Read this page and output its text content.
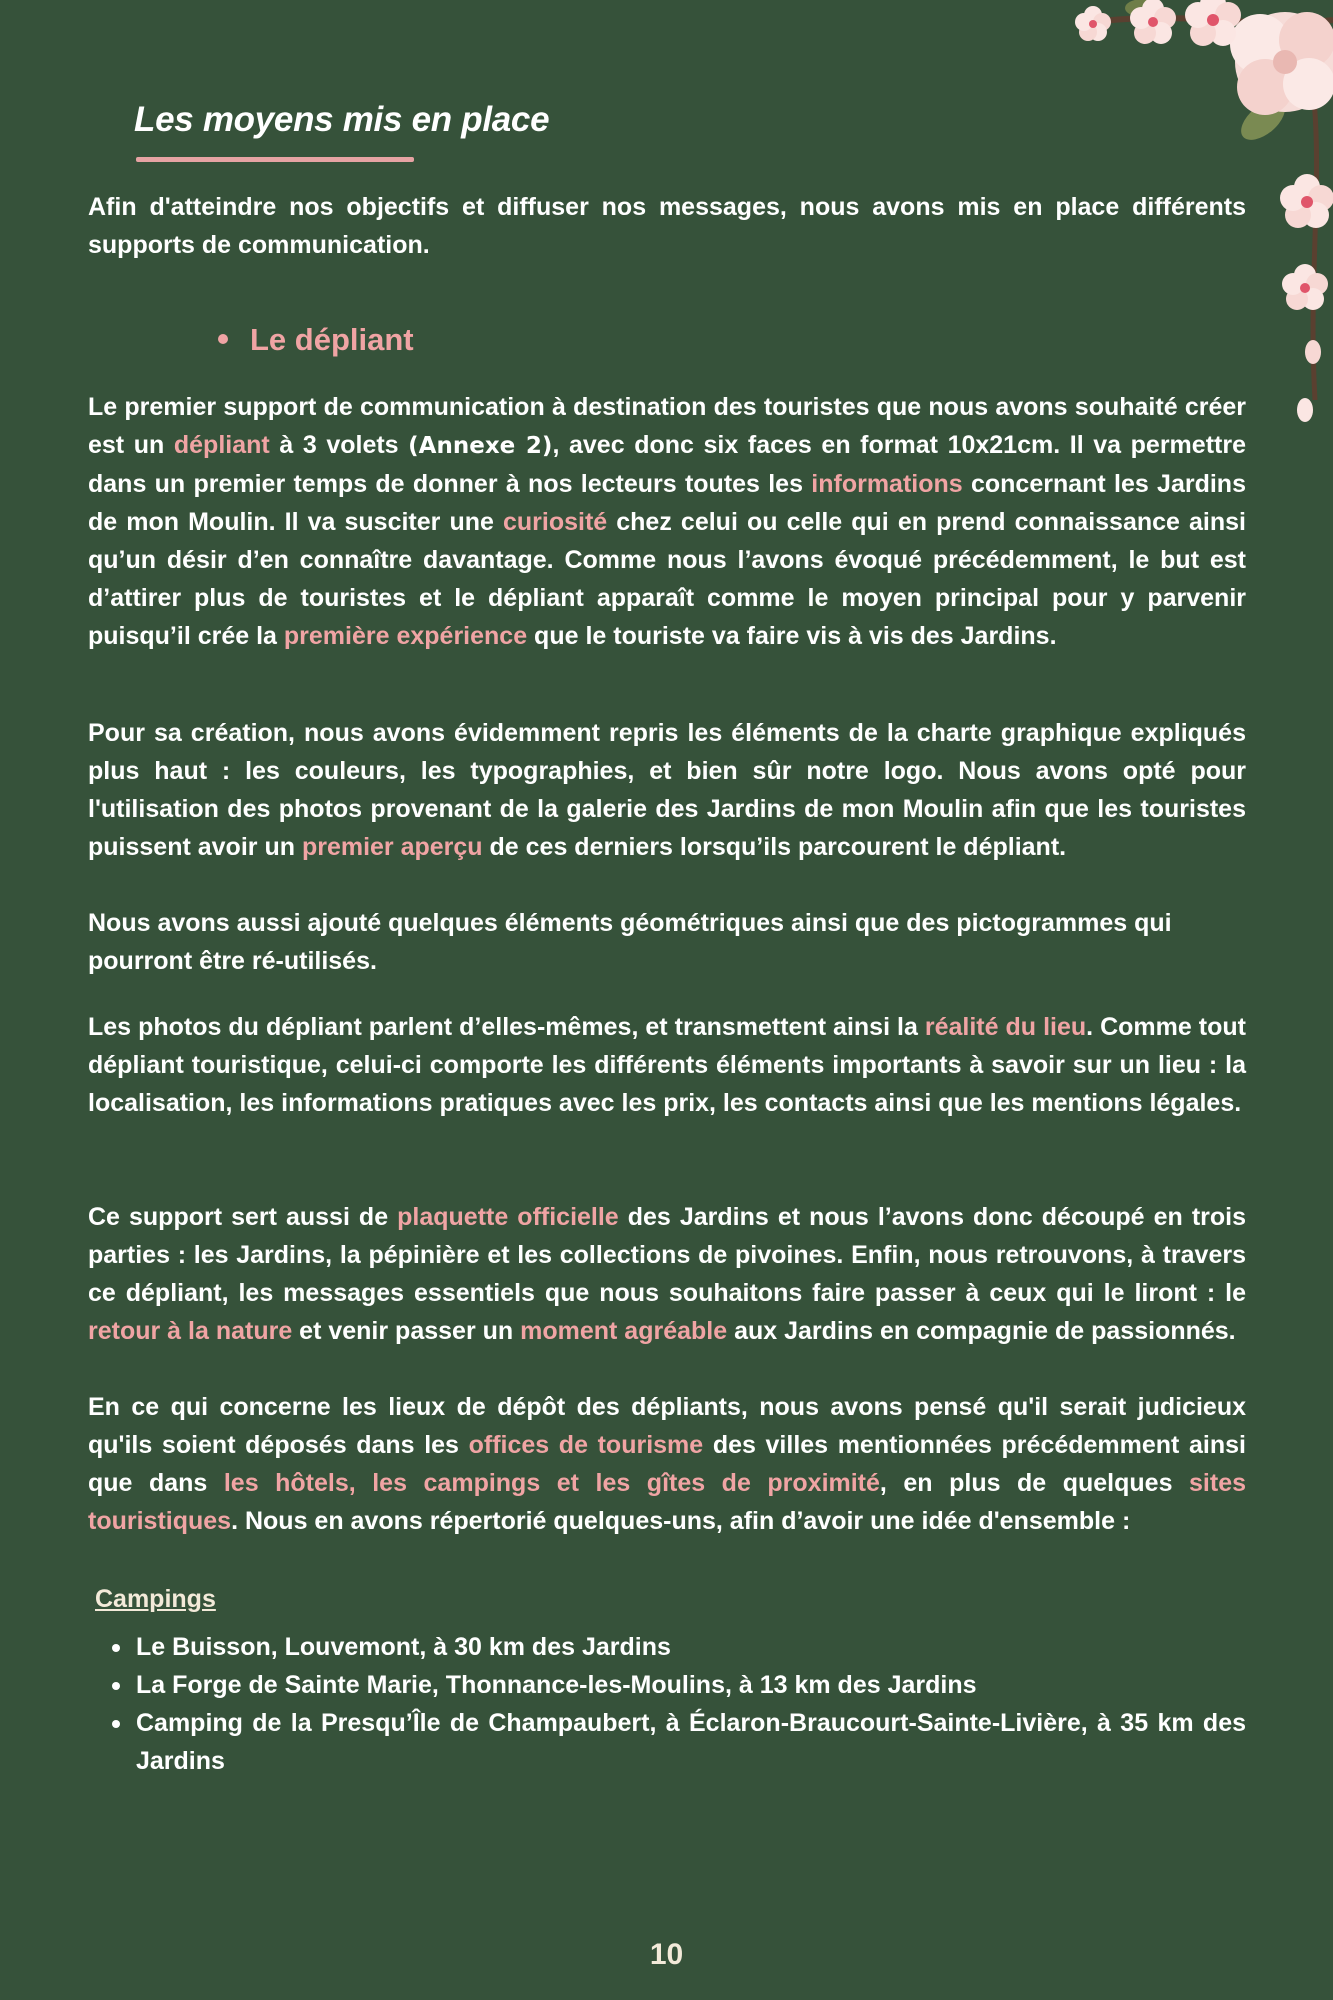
Les moyens mis en place

Afin d'atteindre nos objectifs et diffuser nos messages, nous avons mis en place différents supports de communication.

Le dépliant

Le premier support de communication à destination des touristes que nous avons souhaité créer est un dépliant à 3 volets (Annexe 2), avec donc six faces en format 10x21cm. Il va permettre dans un premier temps de donner à nos lecteurs toutes les informations concernant les Jardins de mon Moulin. Il va susciter une curiosité chez celui ou celle qui en prend connaissance ainsi qu’un désir d’en connaître davantage. Comme nous l’avons évoqué précédemment, le but est d’attirer plus de touristes et le dépliant apparaît comme le moyen principal pour y parvenir puisqu’il crée la première expérience que le touriste va faire vis à vis des Jardins.

Pour sa création, nous avons évidemment repris les éléments de la charte graphique expliqués plus haut : les couleurs, les typographies, et bien sûr notre logo. Nous avons opté pour l'utilisation des photos provenant de la galerie des Jardins de mon Moulin afin que les touristes puissent avoir un premier aperçu de ces derniers lorsqu’ils parcourent le dépliant.

Nous avons aussi ajouté quelques éléments géométriques ainsi que des pictogrammes qui pourront être ré-utilisés.

Les photos du dépliant parlent d’elles-mêmes, et transmettent ainsi la réalité du lieu. Comme tout dépliant touristique, celui-ci comporte les différents éléments importants à savoir sur un lieu : la localisation, les informations pratiques avec les prix, les contacts ainsi que les mentions légales.

Ce support sert aussi de plaquette officielle des Jardins et nous l’avons donc découpé en trois parties : les Jardins, la pépinière et les collections de pivoines. Enfin, nous retrouvons, à travers ce dépliant, les messages essentiels que nous souhaitons faire passer à ceux qui le liront : le retour à la nature et venir passer un moment agréable aux Jardins en compagnie de passionnés.

En ce qui concerne les lieux de dépôt des dépliants, nous avons pensé qu'il serait judicieux qu'ils soient déposés dans les offices de tourisme des villes mentionnées précédemment ainsi que dans les hôtels, les campings et les gîtes de proximité, en plus de quelques sites touristiques. Nous en avons répertorié quelques-uns, afin d’avoir une idée d'ensemble :

Campings
Le Buisson, Louvemont, à 30 km des Jardins
La Forge de Sainte Marie, Thonnance-les-Moulins, à 13 km des Jardins
Camping de la Presqu’Île de Champaubert, à Éclaron-Braucourt-Sainte-Livière, à 35 km des Jardins
10
